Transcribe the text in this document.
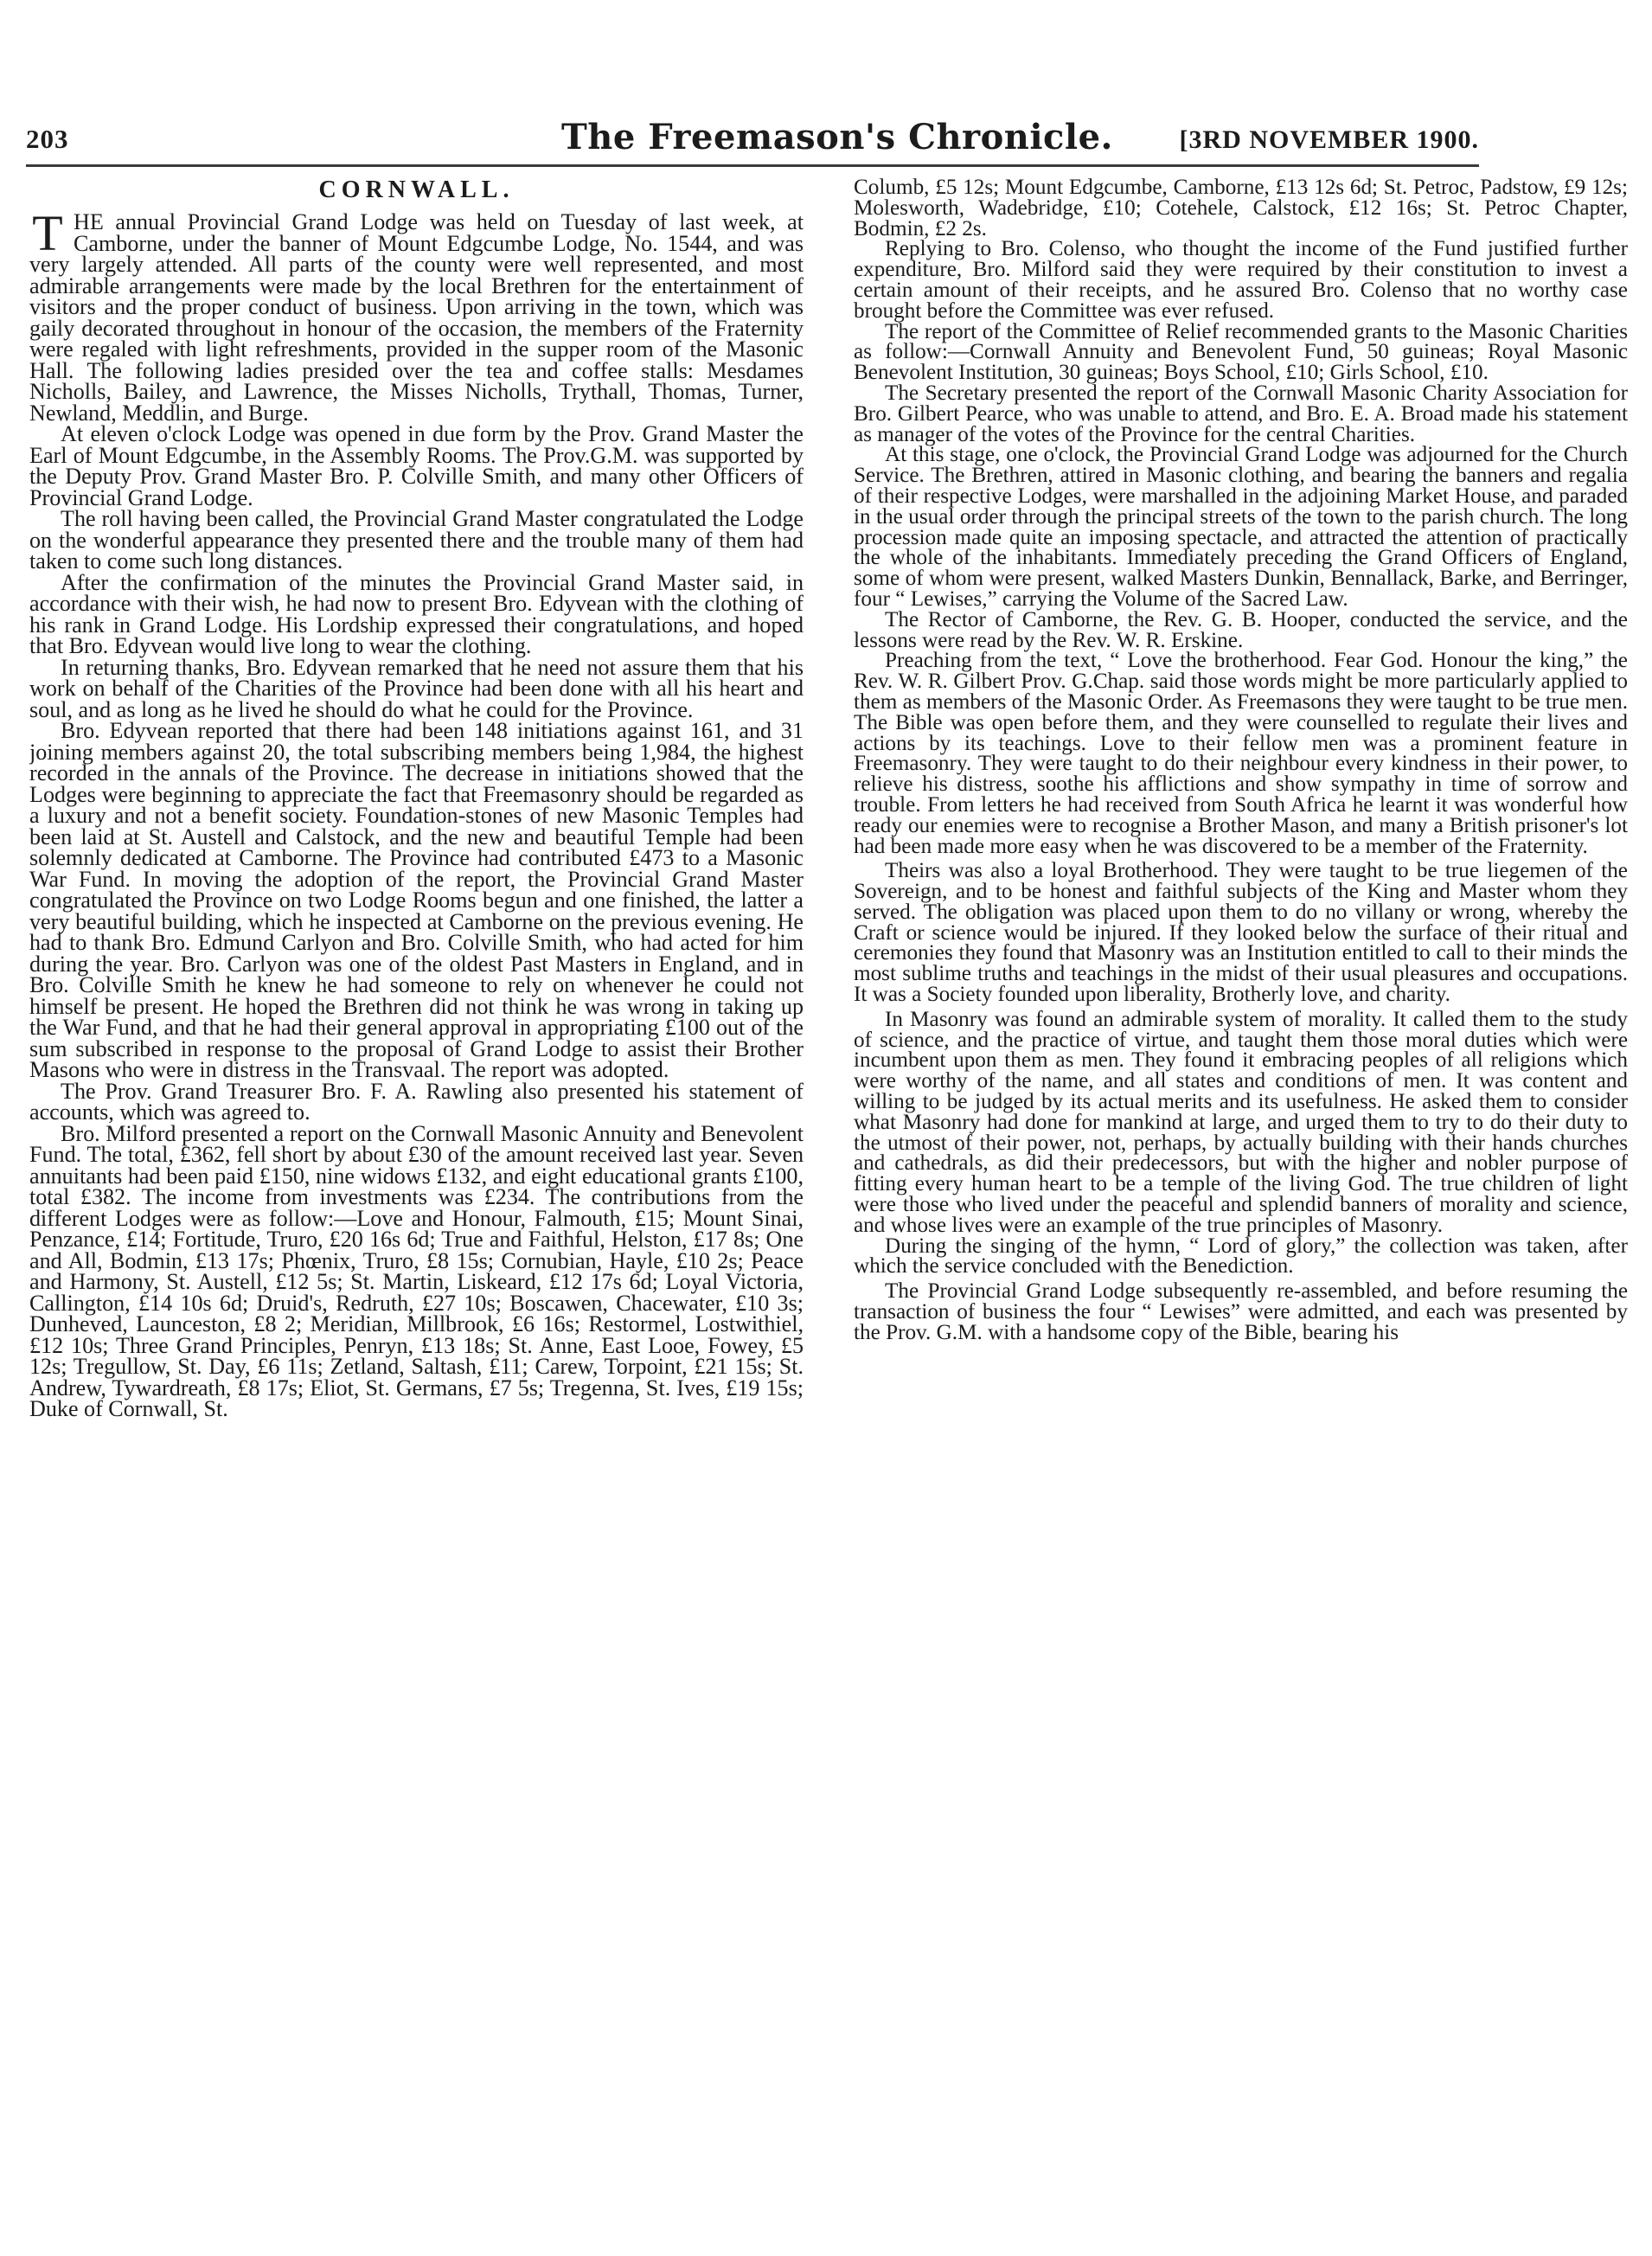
203	The Freemason's Chronicle.	[3RD NOVEMBER 1900.
CORNWALL.

THE annual Provincial Grand Lodge was held on Tuesday of last week, at Camborne, under the banner of Mount Edgcumbe Lodge, No. 1544, and was very largely attended. All parts of the county were well represented, and most admirable arrangements were made by the local Brethren for the entertainment of visitors and the proper conduct of business. Upon arriving in the town, which was gaily decorated throughout in honour of the occasion, the members of the Fraternity were regaled with light refreshments, provided in the supper room of the Masonic Hall. The following ladies presided over the tea and coffee stalls: Mesdames Nicholls, Bailey, and Lawrence, the Misses Nicholls, Trythall, Thomas, Turner, Newland, Meddlin, and Burge.

At eleven o'clock Lodge was opened in due form by the Prov. Grand Master the Earl of Mount Edgcumbe, in the Assembly Rooms. The Prov.G.M. was supported by the Deputy Prov. Grand Master Bro. P. Colville Smith, and many other Officers of Provincial Grand Lodge.

The roll having been called, the Provincial Grand Master congratulated the Lodge on the wonderful appearance they presented there and the trouble many of them had taken to come such long distances.

After the confirmation of the minutes the Provincial Grand Master said, in accordance with their wish, he had now to present Bro. Edyvean with the clothing of his rank in Grand Lodge. His Lordship expressed their congratulations, and hoped that Bro. Edyvean would live long to wear the clothing.

In returning thanks, Bro. Edyvean remarked that he need not assure them that his work on behalf of the Charities of the Province had been done with all his heart and soul, and as long as he lived he should do what he could for the Province.

Bro. Edyvean reported that there had been 148 initiations against 161, and 31 joining members against 20, the total subscribing members being 1,984, the highest recorded in the annals of the Province. The decrease in initiations showed that the Lodges were beginning to appreciate the fact that Freemasonry should be regarded as a luxury and not a benefit society. Foundation-stones of new Masonic Temples had been laid at St. Austell and Calstock, and the new and beautiful Temple had been solemnly dedicated at Camborne. The Province had contributed £473 to a Masonic War Fund. In moving the adoption of the report, the Provincial Grand Master congratulated the Province on two Lodge Rooms begun and one finished, the latter a very beautiful building, which he inspected at Camborne on the previous evening. He had to thank Bro. Edmund Carlyon and Bro. Colville Smith, who had acted for him during the year. Bro. Carlyon was one of the oldest Past Masters in England, and in Bro. Colville Smith he knew he had someone to rely on whenever he could not himself be present. He hoped the Brethren did not think he was wrong in taking up the War Fund, and that he had their general approval in appropriating £100 out of the sum subscribed in response to the proposal of Grand Lodge to assist their Brother Masons who were in distress in the Transvaal. The report was adopted.

The Prov. Grand Treasurer Bro. F. A. Rawling also presented his statement of accounts, which was agreed to.

Bro. Milford presented a report on the Cornwall Masonic Annuity and Benevolent Fund. The total, £362, fell short by about £30 of the amount received last year. Seven annuitants had been paid £150, nine widows £132, and eight educational grants £100, total £382. The income from investments was £234. The contributions from the different Lodges were as follow:—Love and Honour, Falmouth, £15; Mount Sinai, Penzance, £14; Fortitude, Truro, £20 16s 6d; True and Faithful, Helston, £17 8s; One and All, Bodmin, £13 17s; Phœnix, Truro, £8 15s; Cornubian, Hayle, £10 2s; Peace and Harmony, St. Austell, £12 5s; St. Martin, Liskeard, £12 17s 6d; Loyal Victoria, Callington, £14 10s 6d; Druid's, Redruth, £27 10s; Boscawen, Chacewater, £10 3s; Dunheved, Launceston, £8 2; Meridian, Millbrook, £6 16s; Restormel, Lostwithiel, £12 10s; Three Grand Principles, Penryn, £13 18s; St. Anne, East Looe, Fowey, £5 12s; Tregullow, St. Day, £6 11s; Zetland, Saltash, £11; Carew, Torpoint, £21 15s; St. Andrew, Tywardreath, £8 17s; Eliot, St. Germans, £7 5s; Tregenna, St. Ives, £19 15s; Duke of Cornwall, St.

Columb, £5 12s; Mount Edgcumbe, Camborne, £13 12s 6d; St. Petroc, Padstow, £9 12s; Molesworth, Wadebridge, £10; Cotehele, Calstock, £12 16s; St. Petroc Chapter, Bodmin, £2 2s.

Replying to Bro. Colenso, who thought the income of the Fund justified further expenditure, Bro. Milford said they were required by their constitution to invest a certain amount of their receipts, and he assured Bro. Colenso that no worthy case brought before the Committee was ever refused.

The report of the Committee of Relief recommended grants to the Masonic Charities as follow:—Cornwall Annuity and Benevolent Fund, 50 guineas; Royal Masonic Benevolent Institution, 30 guineas; Boys School, £10; Girls School, £10.

The Secretary presented the report of the Cornwall Masonic Charity Association for Bro. Gilbert Pearce, who was unable to attend, and Bro. E. A. Broad made his statement as manager of the votes of the Province for the central Charities.

At this stage, one o'clock, the Provincial Grand Lodge was adjourned for the Church Service. The Brethren, attired in Masonic clothing, and bearing the banners and regalia of their respective Lodges, were marshalled in the adjoining Market House, and paraded in the usual order through the principal streets of the town to the parish church. The long procession made quite an imposing spectacle, and attracted the attention of practically the whole of the inhabitants. Immediately preceding the Grand Officers of England, some of whom were present, walked Masters Dunkin, Bennallack, Barke, and Berringer, four “ Lewises,” carrying the Volume of the Sacred Law.

The Rector of Camborne, the Rev. G. B. Hooper, conducted the service, and the lessons were read by the Rev. W. R. Erskine.

Preaching from the text, “ Love the brotherhood. Fear God. Honour the king,” the Rev. W. R. Gilbert Prov. G.Chap. said those words might be more particularly applied to them as members of the Masonic Order. As Freemasons they were taught to be true men. The Bible was open before them, and they were counselled to regulate their lives and actions by its teachings. Love to their fellow men was a prominent feature in Freemasonry. They were taught to do their neighbour every kindness in their power, to relieve his distress, soothe his afflictions and show sympathy in time of sorrow and trouble. From letters he had received from South Africa he learnt it was wonderful how ready our enemies were to recognise a Brother Mason, and many a British prisoner's lot had been made more easy when he was discovered to be a member of the Fraternity.

Theirs was also a loyal Brotherhood. They were taught to be true liegemen of the Sovereign, and to be honest and faithful subjects of the King and Master whom they served. The obligation was placed upon them to do no villany or wrong, whereby the Craft or science would be injured. If they looked below the surface of their ritual and ceremonies they found that Masonry was an Institution entitled to call to their minds the most sublime truths and teachings in the midst of their usual pleasures and occupations. It was a Society founded upon liberality, Brotherly love, and charity.

In Masonry was found an admirable system of morality. It called them to the study of science, and the practice of virtue, and taught them those moral duties which were incumbent upon them as men. They found it embracing peoples of all religions which were worthy of the name, and all states and conditions of men. It was content and willing to be judged by its actual merits and its usefulness. He asked them to consider what Masonry had done for mankind at large, and urged them to try to do their duty to the utmost of their power, not, perhaps, by actually building with their hands churches and cathedrals, as did their predecessors, but with the higher and nobler purpose of fitting every human heart to be a temple of the living God. The true children of light were those who lived under the peaceful and splendid banners of morality and science, and whose lives were an example of the true principles of Masonry.

During the singing of the hymn, “ Lord of glory,” the collection was taken, after which the service concluded with the Benediction.

The Provincial Grand Lodge subsequently re-assembled, and before resuming the transaction of business the four “ Lewises” were admitted, and each was presented by the Prov. G.M. with a handsome copy of the Bible, bearing his
